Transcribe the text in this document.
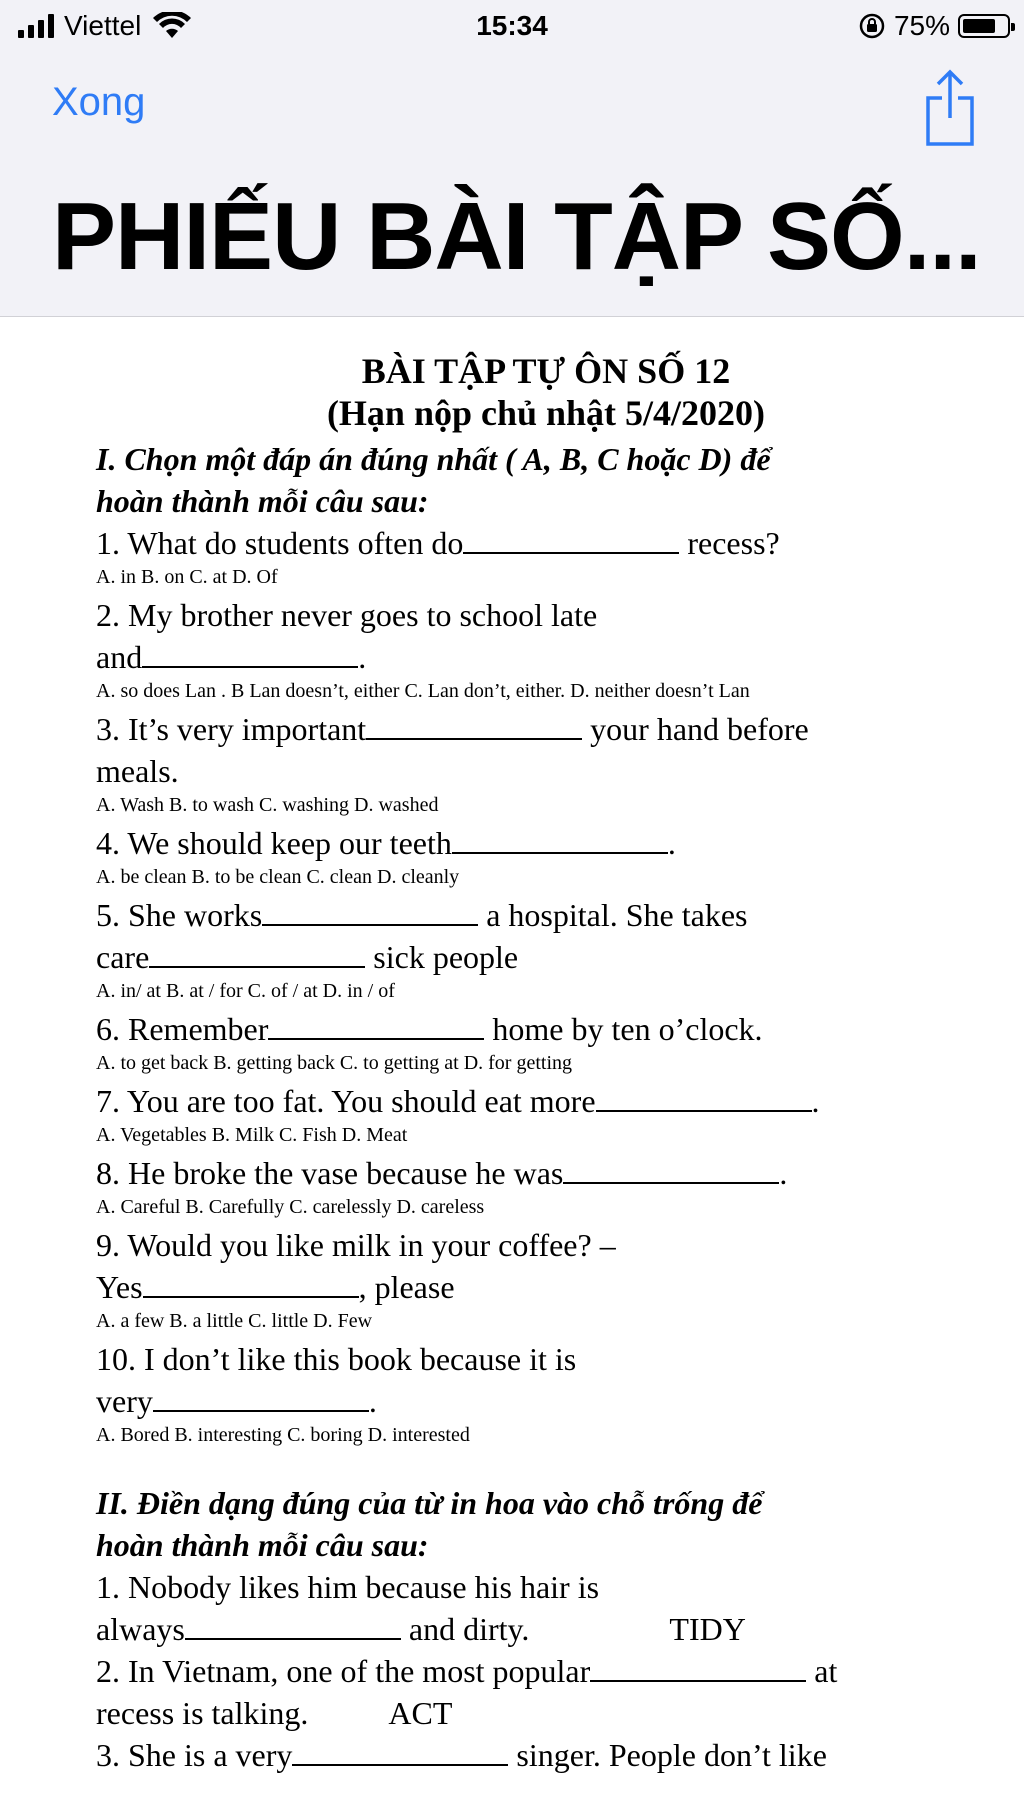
Viettel	15:34	75%
Xong
PHIẾU BÀI TẬP SỐ...

BÀI TẬP TỰ ÔN SỐ 12

(Hạn nộp chủ nhật 5/4/2020)

I. Chọn một đáp án đúng nhất ( A, B, C hoặc D) để

hoàn thành mỗi câu sau:

1. What do students often do	recess?

A. in B. on C. at D. Of

2. My brother never goes to school late

and	.

A. so does Lan . B Lan doesn’t, either C. Lan don’t, either. D. neither doesn’t Lan

3. It’s very important	your hand before

meals.

A. Wash B. to wash C. washing D. washed

4. We should keep our teeth	.

A. be clean B. to be clean C. clean D. cleanly

5. She works	a hospital. She takes

care	sick people

A. in/ at B. at / for C. of / at D. in / of

6. Remember	home by ten o’clock.

A. to get back B. getting back C. to getting at D. for getting

7. You are too fat. You should eat more	.

A. Vegetables B. Milk C. Fish D. Meat

8. He broke the vase because he was	.

A. Careful B. Carefully C. carelessly D. careless

9. Would you like milk in your coffee? –

Yes	, please

A. a few B. a little C. little D. Few

10. I don’t like this book because it is

very	.

A. Bored B. interesting C. boring D. interested

II. Điền dạng đúng của từ in hoa vào chỗ trống để

hoàn thành mỗi câu sau:

1. Nobody likes him because his hair is

always	and dirty.	TIDY

2. In Vietnam, one of the most popular	at

recess is talking.	ACT

3. She is a very	singer. People don’t like
